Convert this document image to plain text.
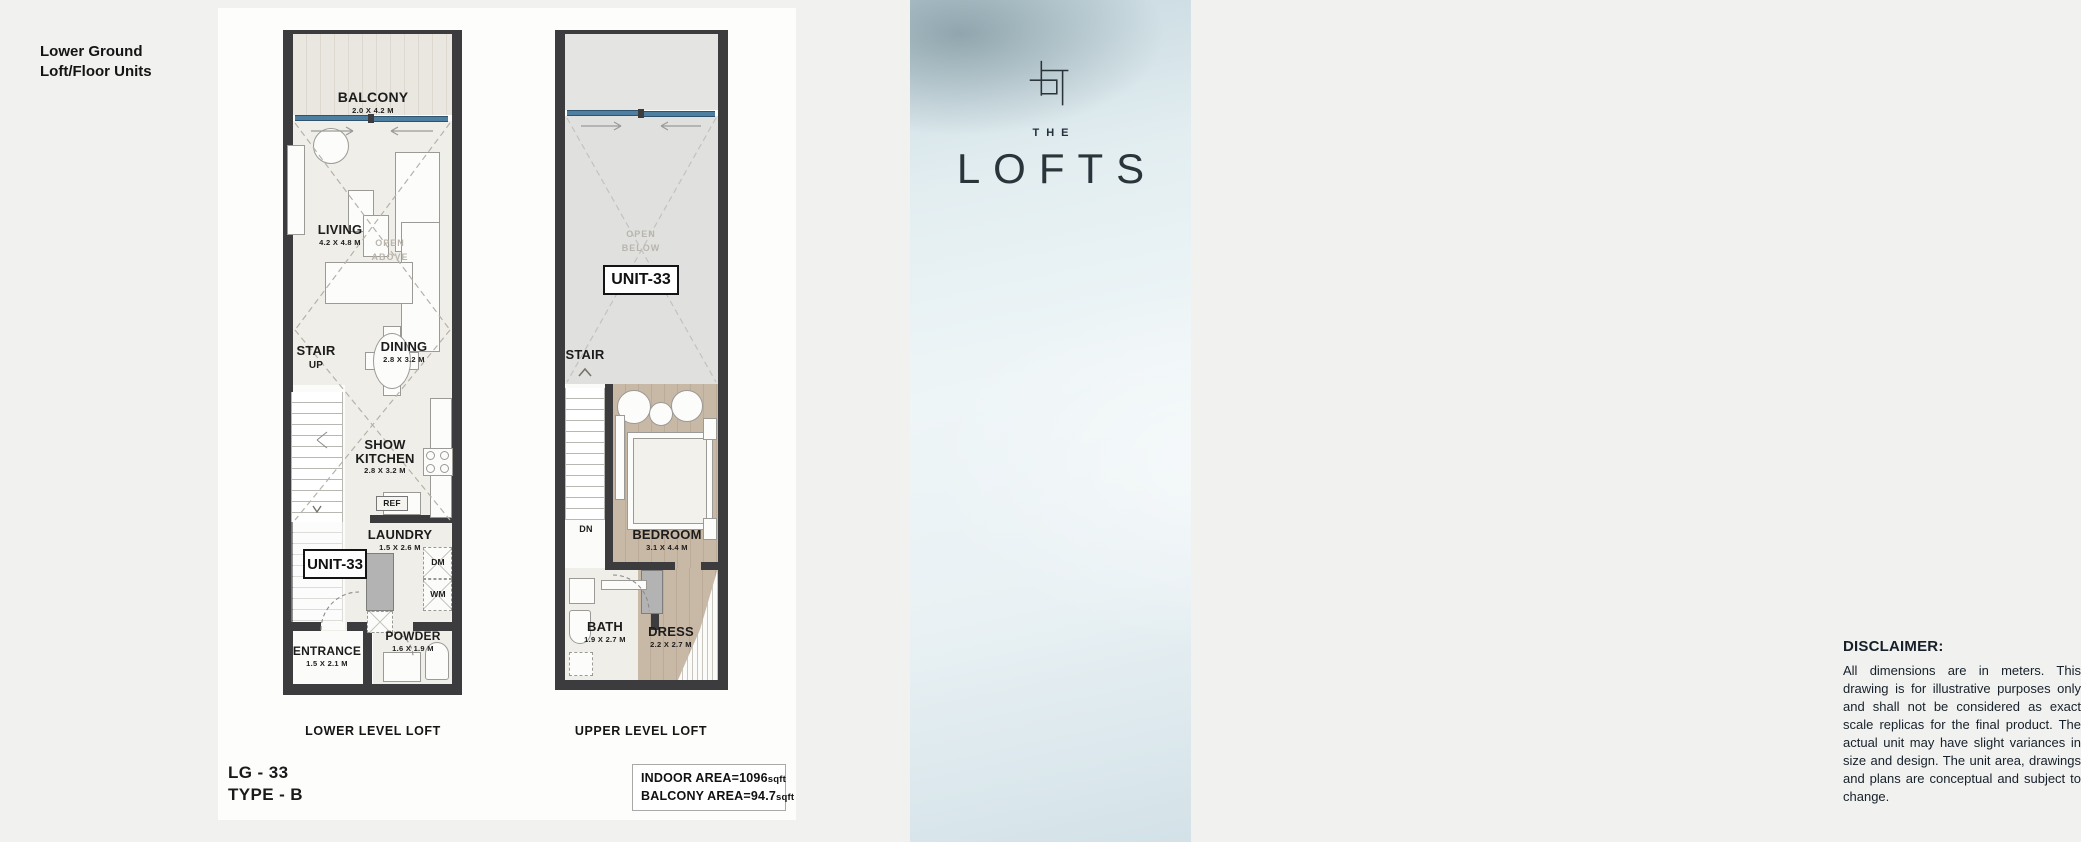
Lower Ground
Loft/Floor Units
BALCONY
2.0 X 4.2 M
LIVING
4.2 X 4.8 M	OPEN
ABOVE
STAIR
UP
DINING
2.8 X 3.2 M
SHOW KITCHEN
2.8 X 3.2 M
REF
LAUNDRY
1.5 X 2.6 M
DM
WM
UNIT-33
ENTRANCE
1.5 X 2.1 M
POWDER
1.6 X 1.9 M
OPEN
BELOW
UNIT-33
STAIR
DN	BEDROOM
3.1 X 4.4 M
BATH
1.9 X 2.7 M
DRESS
2.2 X 2.7 M
LOWER LEVEL LOFT	UPPER LEVEL LOFT
LG - 33
TYPE - B
INDOOR AREA=1096sqft
BALCONY AREA=94.7sqft
THE
LOFTS
DISCLAIMER:

All dimensions are in meters. This drawing is for illustrative purposes only and shall not be considered as exact scale replicas for the final product. The actual unit may have slight variances in size and design. The unit area, drawings and plans are conceptual and subject to change.
